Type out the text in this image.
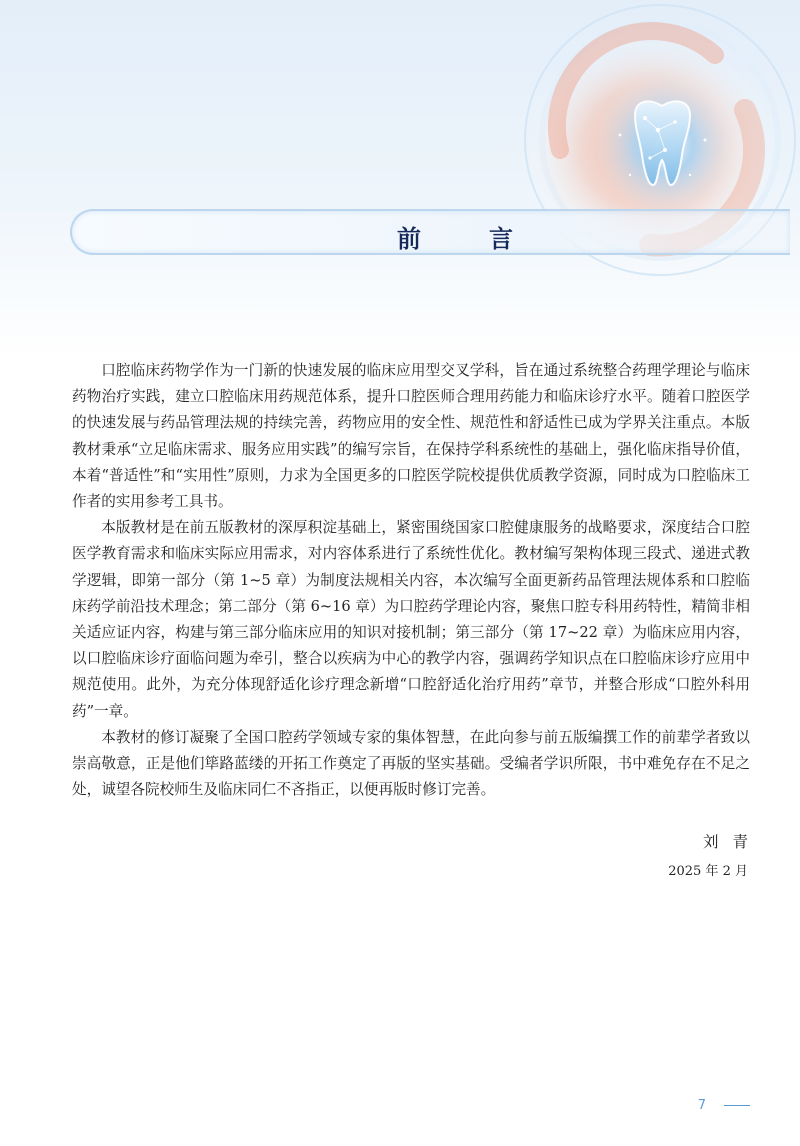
前　言

口腔临床药物学作为一门新的快速发展的临床应用型交叉学科，旨在通过系统整合药理学理论与临床药物治疗实践，建立口腔临床用药规范体系，提升口腔医师合理用药能力和临床诊疗水平。随着口腔医学的快速发展与药品管理法规的持续完善，药物应用的安全性、规范性和舒适性已成为学界关注重点。本版教材秉承“立足临床需求、服务应用实践”的编写宗旨，在保持学科系统性的基础上，强化临床指导价值，本着“普适性”和“实用性”原则，力求为全国更多的口腔医学院校提供优质教学资源，同时成为口腔临床工作者的实用参考工具书。

本版教材是在前五版教材的深厚积淀基础上，紧密围绕国家口腔健康服务的战略要求，深度结合口腔医学教育需求和临床实际应用需求，对内容体系进行了系统性优化。教材编写架构体现三段式、递进式教学逻辑，即第一部分（第 1~5 章）为制度法规相关内容，本次编写全面更新药品管理法规体系和口腔临床药学前沿技术理念；第二部分（第 6~16 章）为口腔药学理论内容，聚焦口腔专科用药特性，精简非相关适应证内容，构建与第三部分临床应用的知识对接机制；第三部分（第 17~22 章）为临床应用内容，以口腔临床诊疗面临问题为牵引，整合以疾病为中心的教学内容，强调药学知识点在口腔临床诊疗应用中规范使用。此外，为充分体现舒适化诊疗理念新增“口腔舒适化治疗用药”章节，并整合形成“口腔外科用药”一章。

本教材的修订凝聚了全国口腔药学领域专家的集体智慧，在此向参与前五版编撰工作的前辈学者致以崇高敬意，正是他们筚路蓝缕的开拓工作奠定了再版的坚实基础。受编者学识所限，书中难免存在不足之处，诚望各院校师生及临床同仁不吝指正，以便再版时修订完善。

刘青
2025 年 2 月
7
